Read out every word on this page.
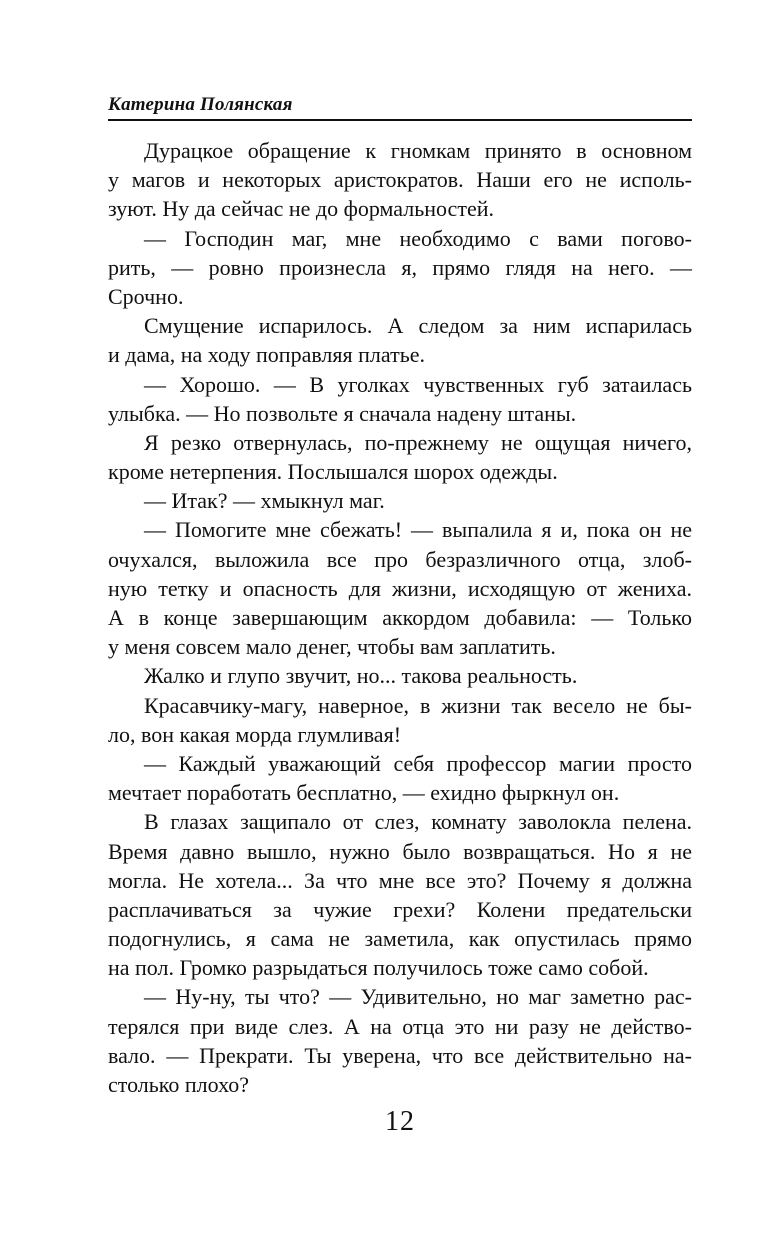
Катерина Полянская
Дурацкое обращение к гномкам принято в основном
у магов и некоторых аристократов. Наши его не исполь-
зуют. Ну да сейчас не до формальностей.
— Господин маг, мне необходимо с вами погово-
рить, — ровно произнесла я, прямо глядя на него. —
Срочно.
Смущение испарилось. А следом за ним испарилась
и дама, на ходу поправляя платье.
— Хорошо. — В уголках чувственных губ затаилась
улыбка. — Но позвольте я сначала надену штаны.
Я резко отвернулась, по-прежнему не ощущая ничего,
кроме нетерпения. Послышался шорох одежды.
— Итак? — хмыкнул маг.
— Помогите мне сбежать! — выпалила я и, пока он не
очухался, выложила все про безразличного отца, злоб-
ную тетку и опасность для жизни, исходящую от жениха.
А в конце завершающим аккордом добавила: — Только
у меня совсем мало денег, чтобы вам заплатить.
Жалко и глупо звучит, но... такова реальность.
Красавчику-магу, наверное, в жизни так весело не бы-
ло, вон какая морда глумливая!
— Каждый уважающий себя профессор магии просто
мечтает поработать бесплатно, — ехидно фыркнул он.
В глазах защипало от слез, комнату заволокла пелена.
Время давно вышло, нужно было возвращаться. Но я не
могла. Не хотела... За что мне все это? Почему я должна
расплачиваться за чужие грехи? Колени предательски
подогнулись, я сама не заметила, как опустилась прямо
на пол. Громко разрыдаться получилось тоже само собой.
— Ну-ну, ты что? — Удивительно, но маг заметно рас-
терялся при виде слез. А на отца это ни разу не действо-
вало. — Прекрати. Ты уверена, что все действительно на-
столько плохо?
12
